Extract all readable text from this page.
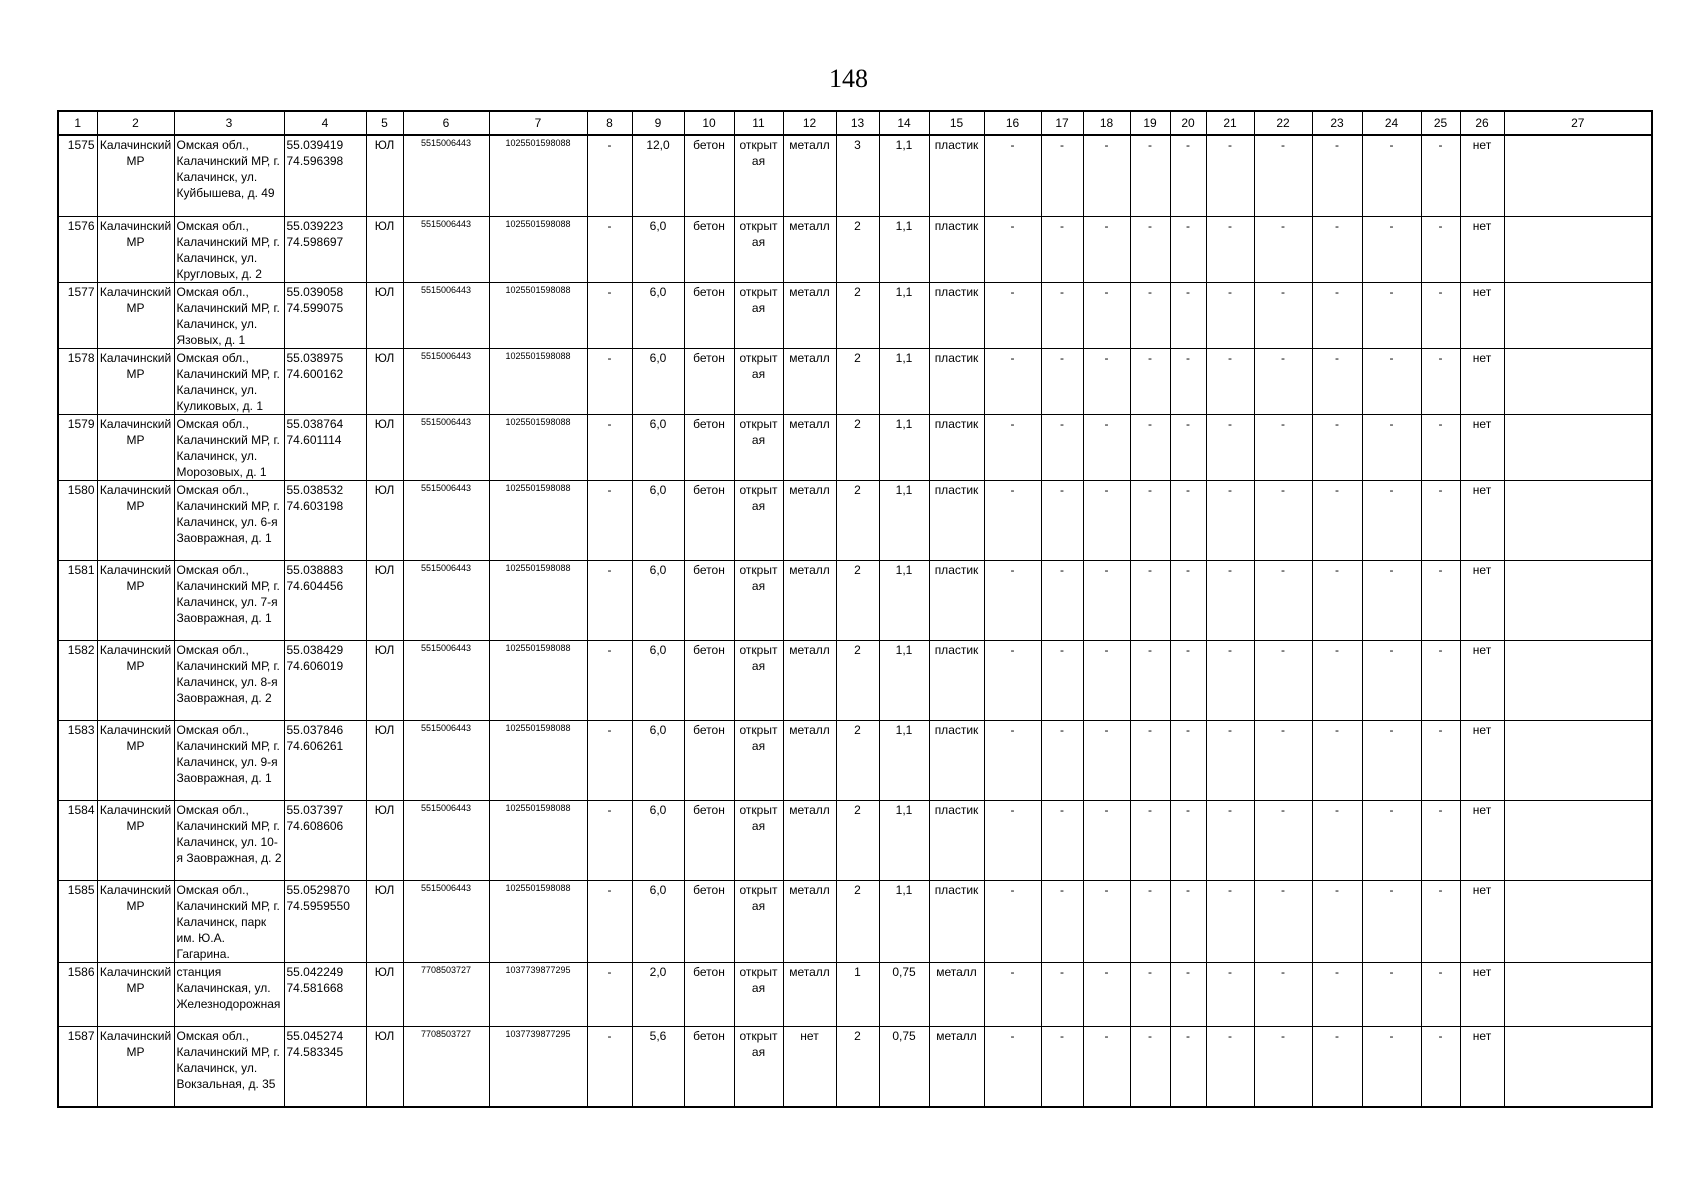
148
1	2	3	4	5	6	7	8	9	10	11	12	13	14	15	16	17	18	19	20	21	22	23	24	25	26	27
1575	Калачинский МР	Омская обл., Калачинский МР, г. Калачинск, ул. Куйбышева, д. 49	55.039419 74.596398	ЮЛ	5515006443	1025501598088	-	12,0	бетон	открытая	металл	3	1,1	пластик	-	-	-	-	-	-	-	-	-	-	нет	
1576	Калачинский МР	Омская обл., Калачинский МР, г. Калачинск, ул. Кругловых, д. 2	55.039223 74.598697	ЮЛ	5515006443	1025501598088	-	6,0	бетон	открытая	металл	2	1,1	пластик	-	-	-	-	-	-	-	-	-	-	нет	
1577	Калачинский МР	Омская обл., Калачинский МР, г. Калачинск, ул. Язовых, д. 1	55.039058 74.599075	ЮЛ	5515006443	1025501598088	-	6,0	бетон	открытая	металл	2	1,1	пластик	-	-	-	-	-	-	-	-	-	-	нет	
1578	Калачинский МР	Омская обл., Калачинский МР, г. Калачинск, ул. Куликовых, д. 1	55.038975 74.600162	ЮЛ	5515006443	1025501598088	-	6,0	бетон	открытая	металл	2	1,1	пластик	-	-	-	-	-	-	-	-	-	-	нет	
1579	Калачинский МР	Омская обл., Калачинский МР, г. Калачинск, ул. Морозовых, д. 1	55.038764 74.601114	ЮЛ	5515006443	1025501598088	-	6,0	бетон	открытая	металл	2	1,1	пластик	-	-	-	-	-	-	-	-	-	-	нет	
1580	Калачинский МР	Омская обл., Калачинский МР, г. Калачинск, ул. 6-я Заовражная, д. 1	55.038532 74.603198	ЮЛ	5515006443	1025501598088	-	6,0	бетон	открытая	металл	2	1,1	пластик	-	-	-	-	-	-	-	-	-	-	нет	
1581	Калачинский МР	Омская обл., Калачинский МР, г. Калачинск, ул. 7-я Заовражная, д. 1	55.038883 74.604456	ЮЛ	5515006443	1025501598088	-	6,0	бетон	открытая	металл	2	1,1	пластик	-	-	-	-	-	-	-	-	-	-	нет	
1582	Калачинский МР	Омская обл., Калачинский МР, г. Калачинск, ул. 8-я Заовражная, д. 2	55.038429 74.606019	ЮЛ	5515006443	1025501598088	-	6,0	бетон	открытая	металл	2	1,1	пластик	-	-	-	-	-	-	-	-	-	-	нет	
1583	Калачинский МР	Омская обл., Калачинский МР, г. Калачинск, ул. 9-я Заовражная, д. 1	55.037846 74.606261	ЮЛ	5515006443	1025501598088	-	6,0	бетон	открытая	металл	2	1,1	пластик	-	-	-	-	-	-	-	-	-	-	нет	
1584	Калачинский МР	Омская обл., Калачинский МР, г. Калачинск, ул. 10-я Заовражная, д. 2	55.037397 74.608606	ЮЛ	5515006443	1025501598088	-	6,0	бетон	открытая	металл	2	1,1	пластик	-	-	-	-	-	-	-	-	-	-	нет	
1585	Калачинский МР	Омская обл., Калачинский МР, г. Калачинск, парк им. Ю.А. Гагарина.	55.0529870 74.5959550	ЮЛ	5515006443	1025501598088	-	6,0	бетон	открытая	металл	2	1,1	пластик	-	-	-	-	-	-	-	-	-	-	нет	
1586	Калачинский МР	станция Калачинская, ул. Железнодорожная	55.042249 74.581668	ЮЛ	7708503727	1037739877295	-	2,0	бетон	открытая	металл	1	0,75	металл	-	-	-	-	-	-	-	-	-	-	нет	
1587	Калачинский МР	Омская обл., Калачинский МР, г. Калачинск, ул. Вокзальная, д. 35	55.045274 74.583345	ЮЛ	7708503727	1037739877295	-	5,6	бетон	открытая	нет	2	0,75	металл	-	-	-	-	-	-	-	-	-	-	нет	
